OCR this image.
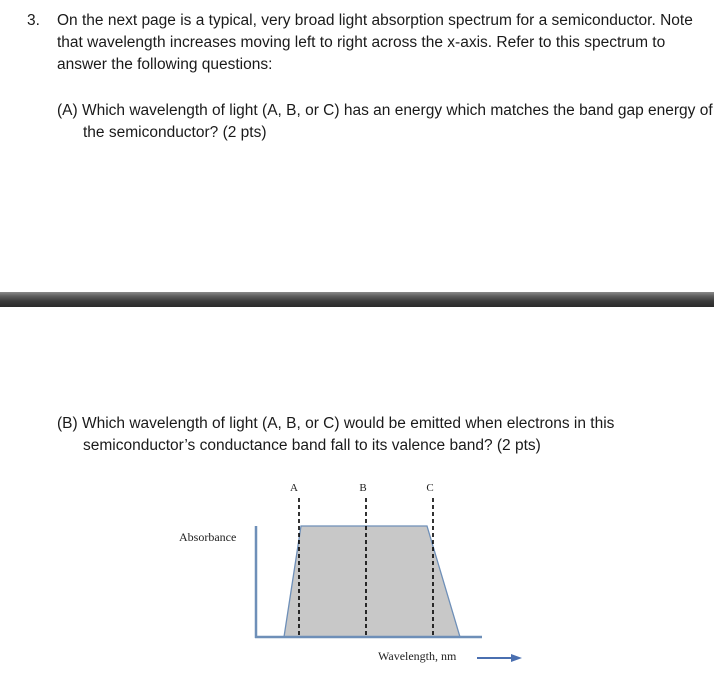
3. On the next page is a typical, very broad light absorption spectrum for a semiconductor. Note that wavelength increases moving left to right across the x-axis. Refer to this spectrum to answer the following questions:
(A) Which wavelength of light (A, B, or C) has an energy which matches the band gap energy of the semiconductor? (2 pts)
(B) Which wavelength of light (A, B, or C) would be emitted when electrons in this semiconductor’s conductance band fall to its valence band? (2 pts)
Absorbance
Wavelength, nm
A	B	C
